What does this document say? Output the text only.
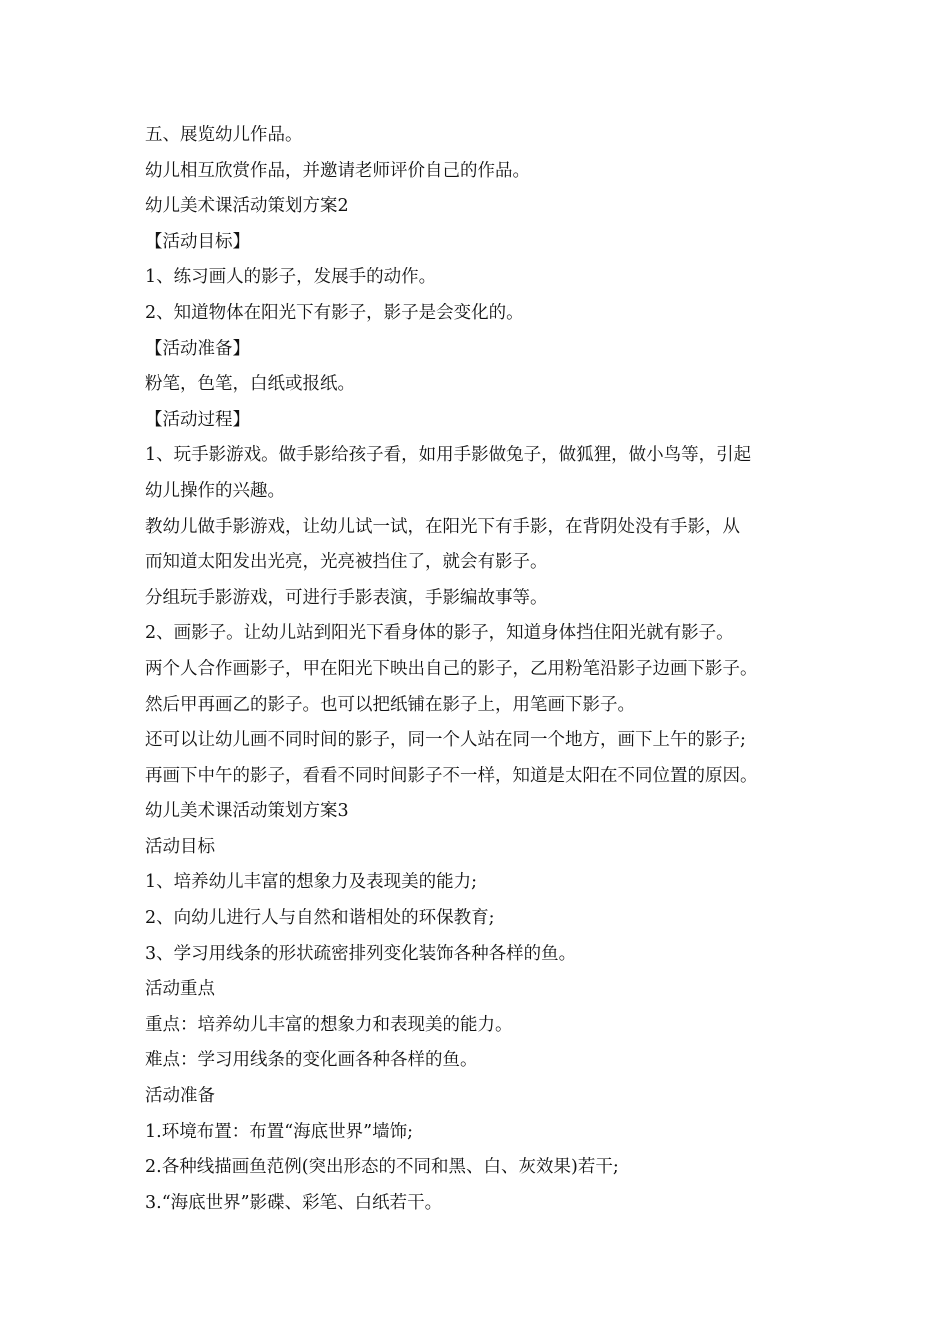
五、展览幼儿作品。

幼儿相互欣赏作品，并邀请老师评价自己的作品。

幼儿美术课活动策划方案2

【活动目标】

1、练习画人的影子，发展手的动作。

2、知道物体在阳光下有影子，影子是会变化的。

【活动准备】

粉笔，色笔，白纸或报纸。

【活动过程】

1、玩手影游戏。做手影给孩子看，如用手影做兔子，做狐狸，做小鸟等，引起

幼儿操作的兴趣。

教幼儿做手影游戏，让幼儿试一试，在阳光下有手影，在背阴处没有手影，从

而知道太阳发出光亮，光亮被挡住了，就会有影子。

分组玩手影游戏，可进行手影表演，手影编故事等。

2、画影子。让幼儿站到阳光下看身体的影子，知道身体挡住阳光就有影子。

两个人合作画影子，甲在阳光下映出自己的影子，乙用粉笔沿影子边画下影子。

然后甲再画乙的影子。也可以把纸铺在影子上，用笔画下影子。

还可以让幼儿画不同时间的影子，同一个人站在同一个地方，画下上午的影子;

再画下中午的影子，看看不同时间影子不一样，知道是太阳在不同位置的原因。

幼儿美术课活动策划方案3

活动目标

1、培养幼儿丰富的想象力及表现美的能力;

2、向幼儿进行人与自然和谐相处的环保教育;

3、学习用线条的形状疏密排列变化装饰各种各样的鱼。

活动重点

重点：培养幼儿丰富的想象力和表现美的能力。

难点：学习用线条的变化画各种各样的鱼。

活动准备

1.环境布置：布置“海底世界”墙饰;

2.各种线描画鱼范例(突出形态的不同和黑、白、灰效果)若干;

3.“海底世界”影碟、彩笔、白纸若干。
